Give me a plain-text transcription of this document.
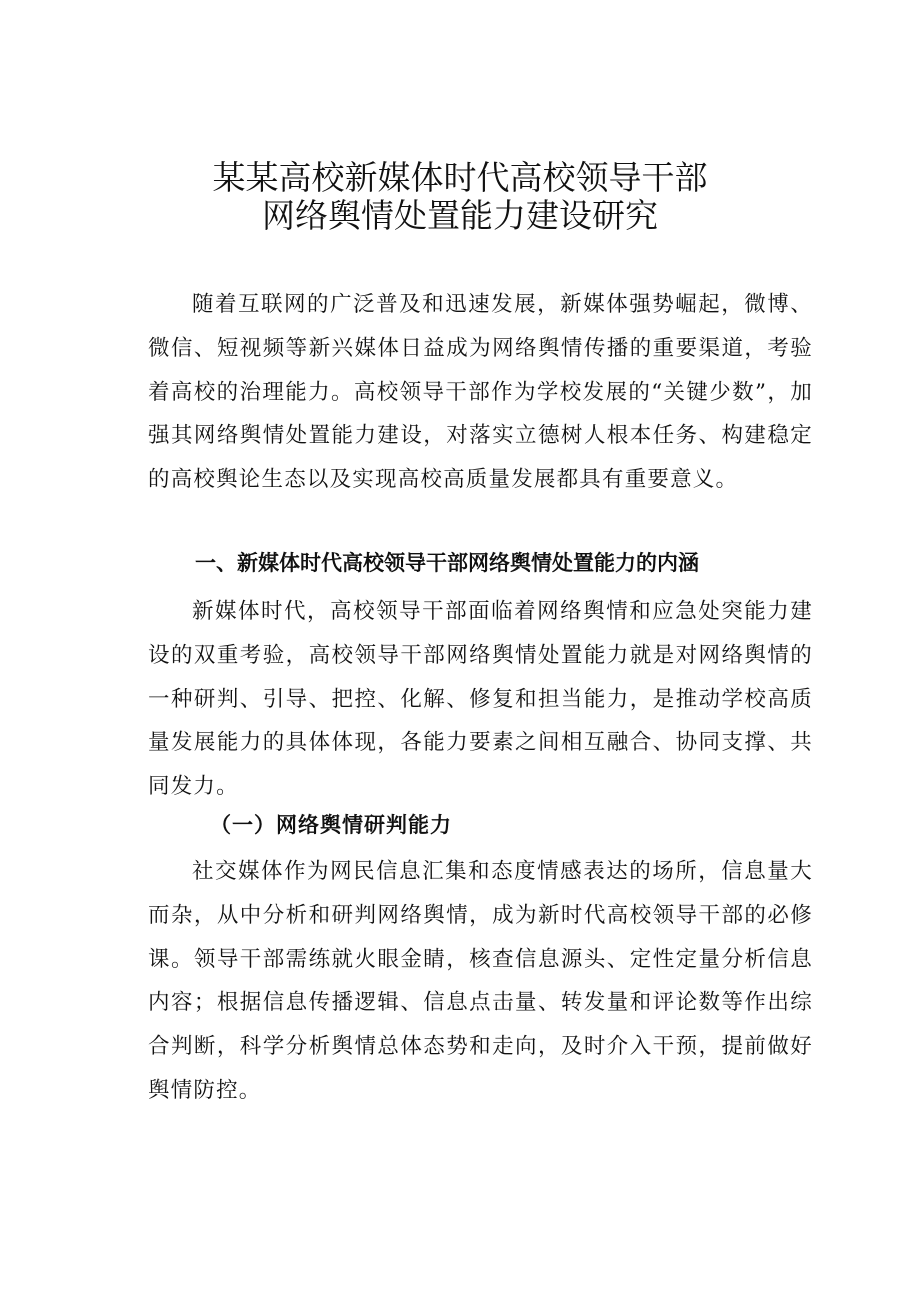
某某高校新媒体时代高校领导干部
网络舆情处置能力建设研究

随着互联网的广泛普及和迅速发展，新媒体强势崛起，微博、微信、短视频等新兴媒体日益成为网络舆情传播的重要渠道，考验着高校的治理能力。高校领导干部作为学校发展的“关键少数”，加强其网络舆情处置能力建设，对落实立德树人根本任务、构建稳定的高校舆论生态以及实现高校高质量发展都具有重要意义。

一、新媒体时代高校领导干部网络舆情处置能力的内涵

新媒体时代，高校领导干部面临着网络舆情和应急处突能力建设的双重考验，高校领导干部网络舆情处置能力就是对网络舆情的一种研判、引导、把控、化解、修复和担当能力，是推动学校高质量发展能力的具体体现，各能力要素之间相互融合、协同支撑、共同发力。

（一）网络舆情研判能力

社交媒体作为网民信息汇集和态度情感表达的场所，信息量大而杂，从中分析和研判网络舆情，成为新时代高校领导干部的必修课。领导干部需练就火眼金睛，核查信息源头、定性定量分析信息内容；根据信息传播逻辑、信息点击量、转发量和评论数等作出综合判断，科学分析舆情总体态势和走向，及时介入干预，提前做好舆情防控。
